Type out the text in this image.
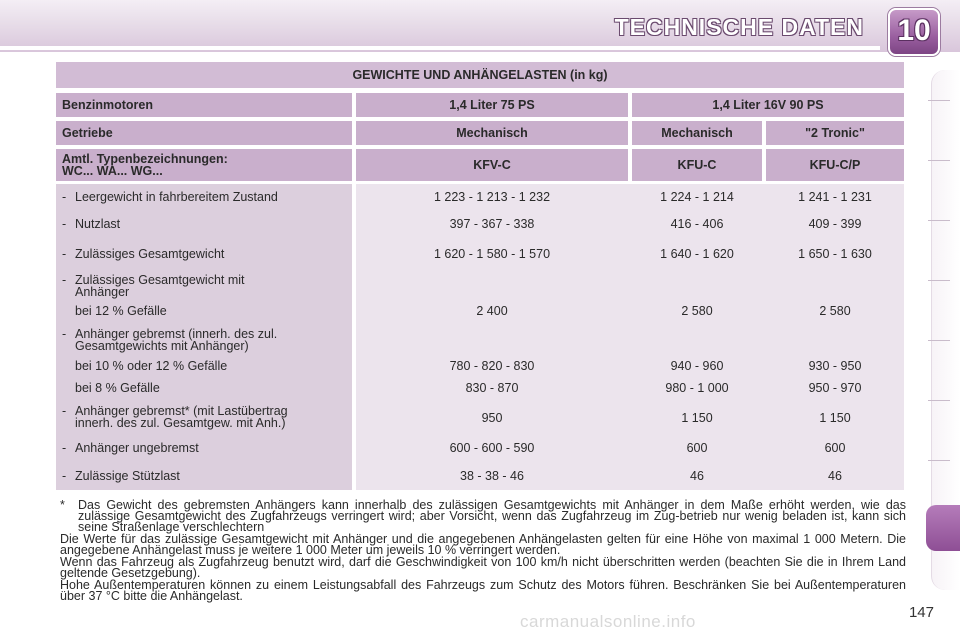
TECHNISCHE DATEN 10
GEWICHTE UND ANHÄNGELASTEN (in kg)
Benzinmotoren	1,4 Liter 75 PS	1,4 Liter 16V 90 PS
Getriebe	Mechanisch	Mechanisch	"2 Tronic"
Amtl. Typenbezeichnungen:
WC... WA... WG...	KFV-C	KFU-C	KFU-C/P
- Leergewicht in fahrbereitem Zustand	1 223 - 1 213 - 1 232	1 224 - 1 214	1 241 - 1 231
- Nutzlast	397 - 367 - 338	416 - 406	409 - 399
- Zulässiges Gesamtgewicht	1 620 - 1 580 - 1 570	1 640 - 1 620	1 650 - 1 630
- Zulässiges Gesamtgewicht mit
Anhänger
bei 12 % Gefälle	2 400	2 580	2 580
- Anhänger gebremst (innerh. des zul.
Gesamtgewichts mit Anhänger)
bei 10 % oder 12 % Gefälle	780 - 820 - 830	940 - 960	930 - 950
bei 8 % Gefälle	830 - 870	980 - 1 000	950 - 970
- Anhänger gebremst* (mit Lastübertrag
innerh. des zul. Gesamtgew. mit Anh.)	950	1 150	1 150
- Anhänger ungebremst	600 - 600 - 590	600	600
- Zulässige Stützlast	38 - 38 - 46	46	46
* Das Gewicht des gebremsten Anhängers kann innerhalb des zulässigen Gesamtgewichts mit Anhänger in dem Maße erhöht werden, wie das zulässige Gesamtgewicht des Zugfahrzeugs verringert wird; aber Vorsicht, wenn das Zugfahrzeug im Zug-betrieb nur wenig beladen ist, kann sich seine Straßenlage verschlechtern
Die Werte für das zulässige Gesamtgewicht mit Anhänger und die angegebenen Anhängelasten gelten für eine Höhe von maximal 1 000 Metern. Die angegebene Anhängelast muss je weitere 1 000 Meter um jeweils 10 % verringert werden.
Wenn das Fahrzeug als Zugfahrzeug benutzt wird, darf die Geschwindigkeit von 100 km/h nicht überschritten werden (beachten Sie die in Ihrem Land geltende Gesetzgebung).
Hohe Außentemperaturen können zu einem Leistungsabfall des Fahrzeugs zum Schutz des Motors führen. Beschränken Sie bei Außentemperaturen über 37 °C bitte die Anhängelast.
147
carmanualsonline.info
